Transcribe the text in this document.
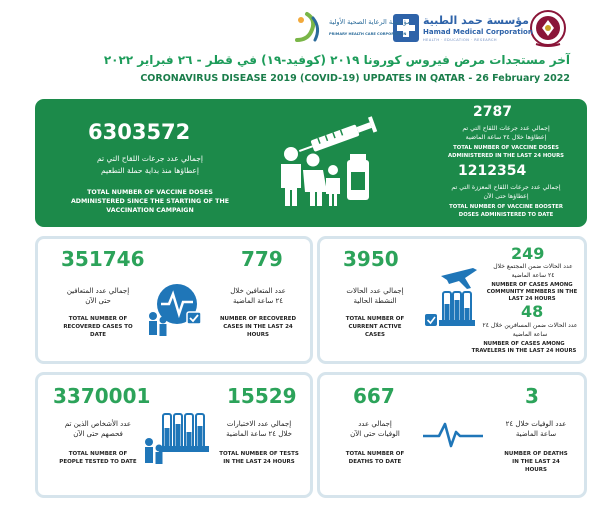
مؤسسة حمد الطبية
Hamad Medical Corporation
HEALTH · EDUCATION · RESEARCH
مؤسسة الرعاية الصحية الأولية
PRIMARY HEALTH CARE CORPORATION
آخر مستجدات مرض فيروس كورونا ٢٠١٩ (كوفيد-١٩) في قطر - ٢٦ فبراير ٢٠٢٢
CORONAVIRUS DISEASE 2019 (COVID-19) UPDATES IN QATAR - 26 February 2022
6303572
إجمالي عدد جرعات اللقاح التي تم
إعطاؤها منذ بداية حملة التطعيم
TOTAL NUMBER OF VACCINE DOSES
ADMINISTERED SINCE THE STARTING OF THE
VACCINATION CAMPAIGN
2787
إجمالي عدد جرعات اللقاح التي تم
إعطاؤها خلال ٢٤ ساعة الماضية
TOTAL NUMBER OF VACCINE DOSES
ADMINISTERED IN THE LAST 24 HOURS
1212354
إجمالي عدد جرعات اللقاح المعززة التي تم
إعطاؤها حتى الآن
TOTAL NUMBER OF VACCINE BOOSTER
DOSES ADMINISTERED TO DATE
351746
إجمالي عدد المتعافين
حتى الآن
TOTAL NUMBER OF
RECOVERED CASES TO
DATE
779
عدد المتعافين خلال
٢٤ ساعة الماضية
NUMBER OF RECOVERED
CASES IN THE LAST 24
HOURS
3950
إجمالي عدد الحالات
النشطة الحالية
TOTAL NUMBER OF
CURRENT ACTIVE
CASES
249
عدد الحالات ضمن المجتمع خلال
٢٤ ساعة الماضية
NUMBER OF CASES AMONG
COMMUNITY MEMBERS IN THE
LAST 24 HOURS
48
عدد الحالات ضمن المسافرين خلال ٢٤
ساعة الماضية
NUMBER OF CASES AMONG
TRAVELERS IN THE LAST 24 HOURS
3370001
عدد الأشخاص الذين تم
فحصهم حتى الآن
TOTAL NUMBER OF
PEOPLE TESTED TO DATE
15529
إجمالي عدد الاختبارات
خلال ٢٤ ساعة الماضية
TOTAL NUMBER OF TESTS
IN THE LAST 24 HOURS
667
إجمالي عدد
الوفيات حتى الآن
TOTAL NUMBER OF
DEATHS TO DATE
3
عدد الوفيات خلال ٢٤
ساعة الماضية
NUMBER OF DEATHS
IN THE LAST 24
HOURS
